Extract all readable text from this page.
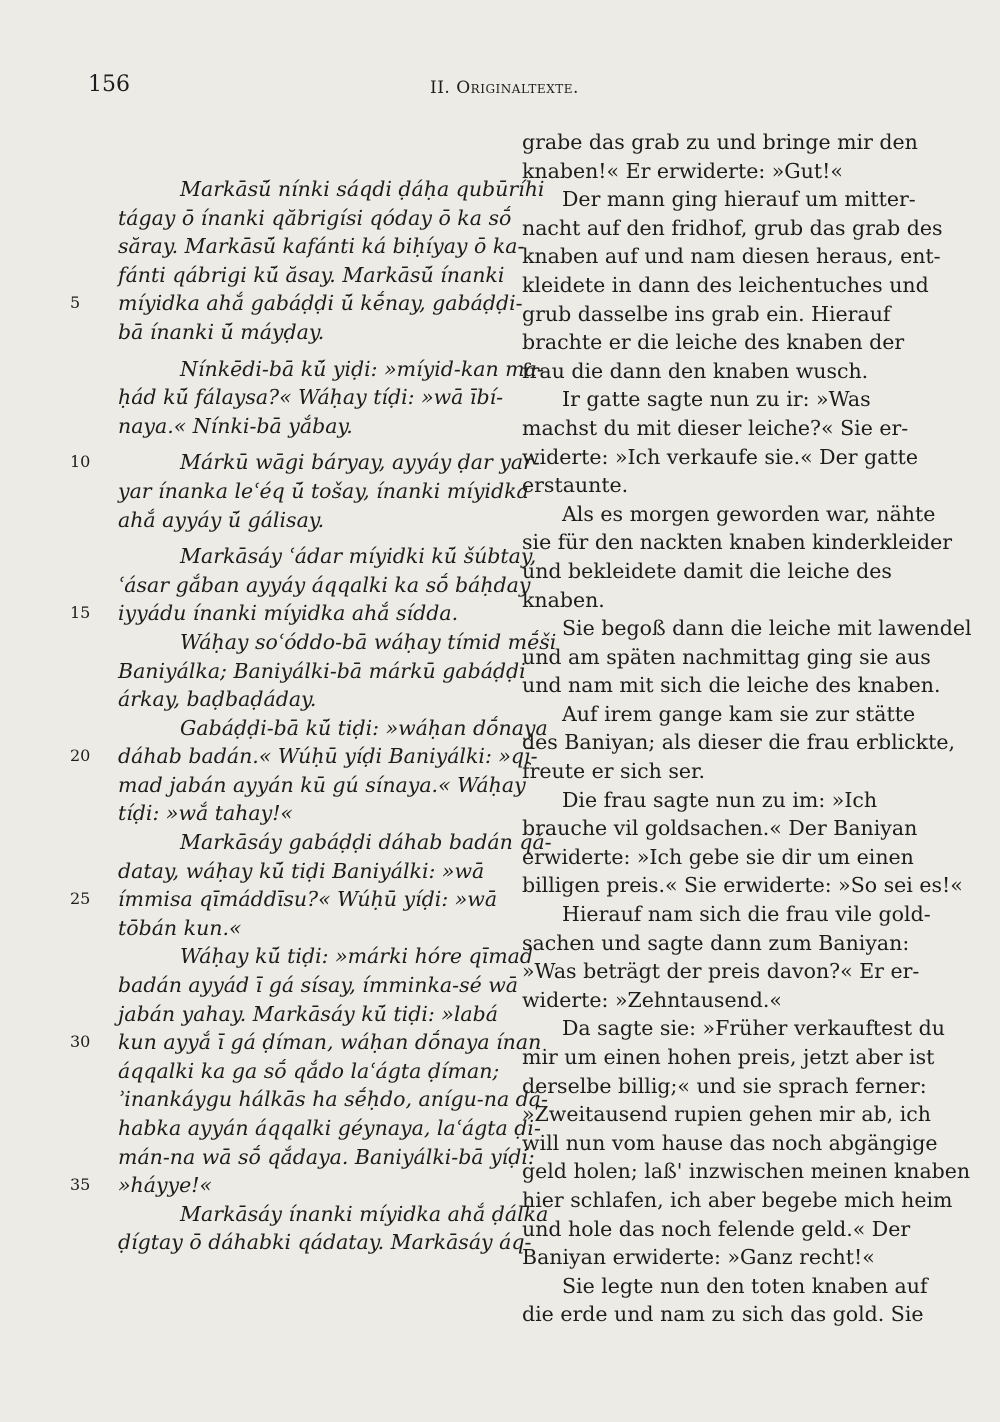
156	II. Originaltexte.
Markāsū́ nínki sáqdi ḍáḥa qubūríhi
tágay ō ínanki qăbrigísi qóday ō ka sṓ
săray. Markāsū́ kafánti ká biḥíyay ō ka-
fánti qábrigi kū́ ăsay. Markāsū́ ínanki
5	míyidka ahắ gabáḍḍi ū́ kḗnay, gabáḍḍi-
bā ínanki ū́ máyḍay.
Nínkēdi-bā kū́ yiḍi: »míyid-kan ma-
ḥád kū́ fálaysa?« Wáḥay tíḍi: »wā ībí-
naya.« Nínki-bā yắbay.
10	Márkū wāgi báryay, ayyáy ḍar yar-
yar ínanka leʿéq ū́ tošay, ínanki míyidka
ahắ ayyáy ū́ gálisay.
Markāsáy ʿádar míyidki kū́ šúbtay,
ʿásar gắban ayyáy áqqalki ka sṓ báḥday
15	iyyádu ínanki míyidka ahắ sídda.
Wáḥay soʿóddo-bā wáḥay tímid mḗši
Baniyálka; Baniyálki-bā márkū gabáḍḍi
árkay, baḍbaḍáday.
Gabáḍḍi-bā kū́ tiḍi: »wáḥan dṓnaya
20	dáhab badán.« Wúḥū yíḍi Baniyálki: »qī-
mad jabán ayyán kū gú sínaya.« Wáḥay
tíḍi: »wắ tahay!«
Markāsáy gabáḍḍi dáhab badán qá-
datay, wáḥay kū́ tiḍi Baniyálki: »wā
25	ímmisa qīmáddīsu?« Wúḥū yíḍi: »wā
tōbán kun.«
Wáḥay kū́ tiḍi: »márki hóre qīmad
badán ayyád ī gá sísay, ímminka-sé wā
jabán yahay. Markāsáy kū́ tiḍi: »labá
30	kun ayyắ ī gá ḍíman, wáḥan dṓnaya ínan
áqqalki ka ga sṓ qắdo laʿágta ḍíman;
ʾinankáygu hálkās ha sḗḥdo, anígu-na dá-
habka ayyán áqqalki géynaya, laʿágta ḍi-
mán-na wā sṓ qắdaya. Baniyálki-bā yíḍi:
35	»háyye!«
Markāsáy ínanki míyidka ahắ ḍálka
ḍígtay ō dáhabki qádatay. Markāsáy áq-
grabe das grab zu und bringe mir den
knaben!« Er erwiderte: »Gut!«
Der mann ging hierauf um mitter-
nacht auf den fridhof, grub das grab des
knaben auf und nam diesen heraus, ent-
kleidete in dann des leichentuches und
grub dasselbe ins grab ein. Hierauf
brachte er die leiche des knaben der
frau die dann den knaben wusch.
Ir gatte sagte nun zu ir: »Was
machst du mit dieser leiche?« Sie er-
widerte: »Ich verkaufe sie.« Der gatte
erstaunte.
Als es morgen geworden war, nähte
sie für den nackten knaben kinderkleider
und bekleidete damit die leiche des
knaben.
Sie begoß dann die leiche mit lawendel
und am späten nachmittag ging sie aus
und nam mit sich die leiche des knaben.
Auf irem gange kam sie zur stätte
des Baniyan; als dieser die frau erblickte,
freute er sich ser.
Die frau sagte nun zu im: »Ich
brauche vil goldsachen.« Der Baniyan
erwiderte: »Ich gebe sie dir um einen
billigen preis.« Sie erwiderte: »So sei es!«
Hierauf nam sich die frau vile gold-
sachen und sagte dann zum Baniyan:
»Was beträgt der preis davon?« Er er-
widerte: »Zehntausend.«
Da sagte sie: »Früher verkauftest du
mir um einen hohen preis, jetzt aber ist
derselbe billig;« und sie sprach ferner:
»Zweitausend rupien gehen mir ab, ich
will nun vom hause das noch abgängige
geld holen; laß' inzwischen meinen knaben
hier schlafen, ich aber begebe mich heim
und hole das noch felende geld.« Der
Baniyan erwiderte: »Ganz recht!«
Sie legte nun den toten knaben auf
die erde und nam zu sich das gold. Sie
